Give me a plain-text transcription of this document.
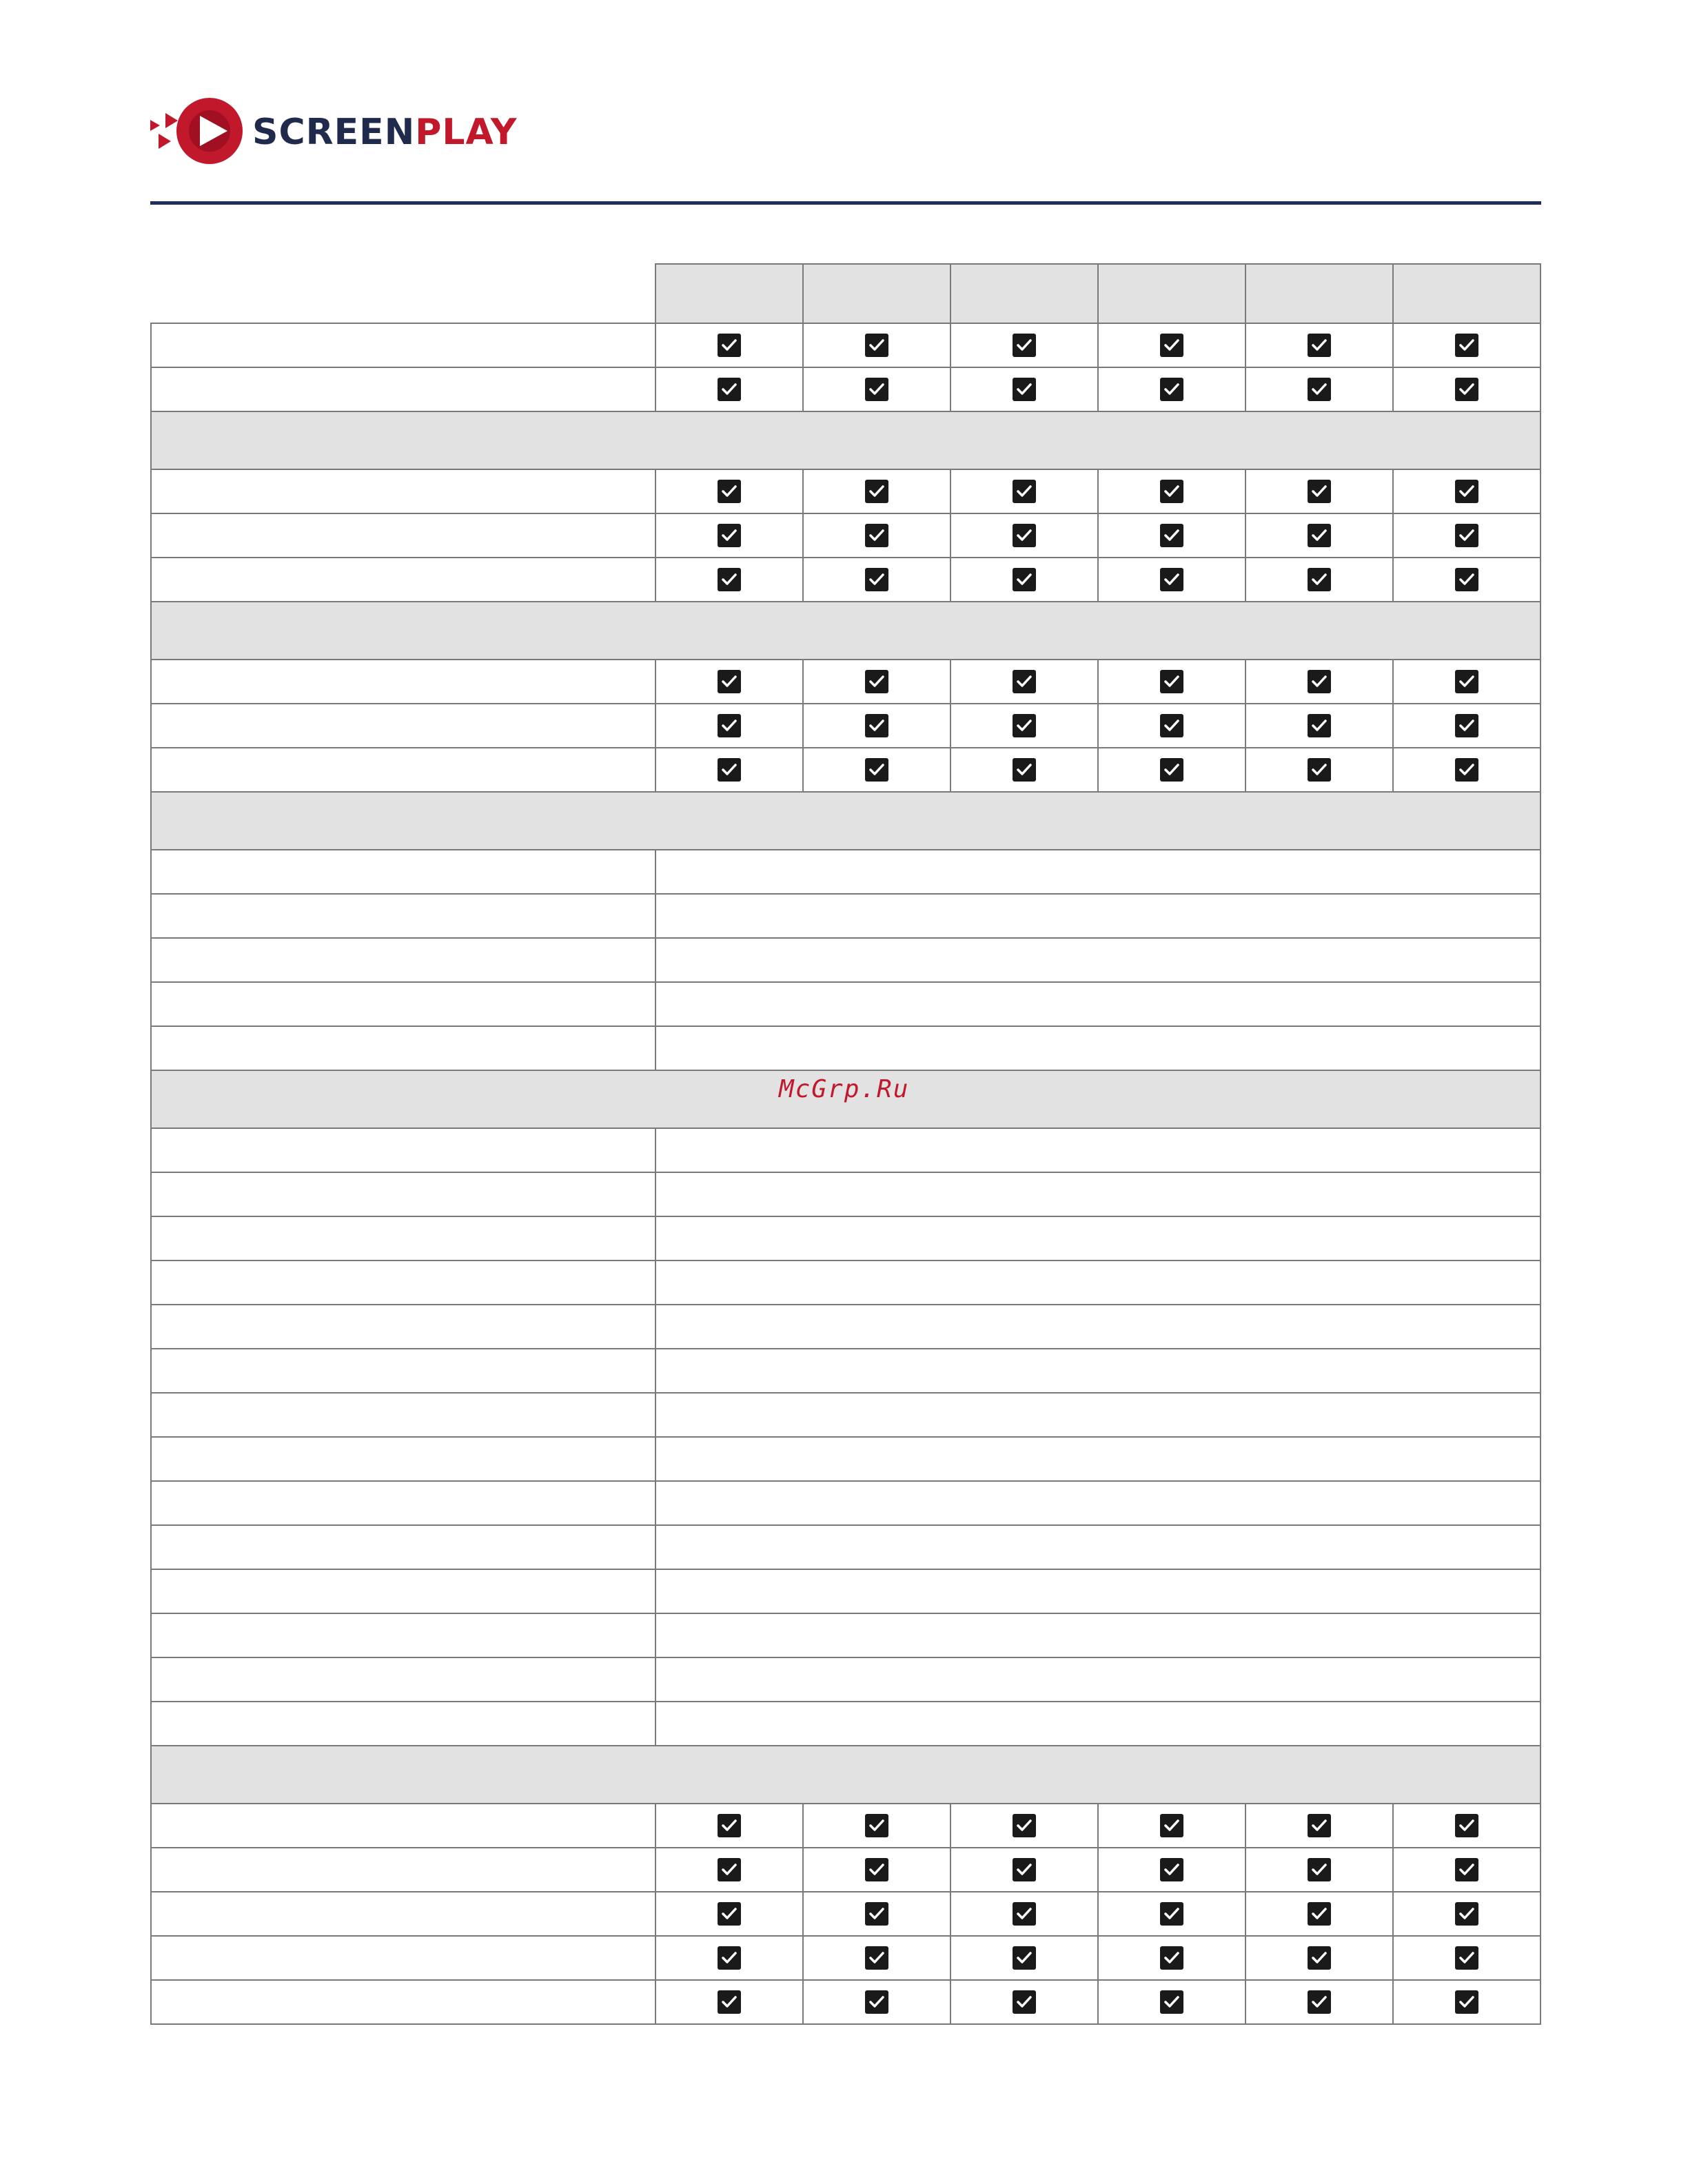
SCREENPLAY

McGrp.Ru
